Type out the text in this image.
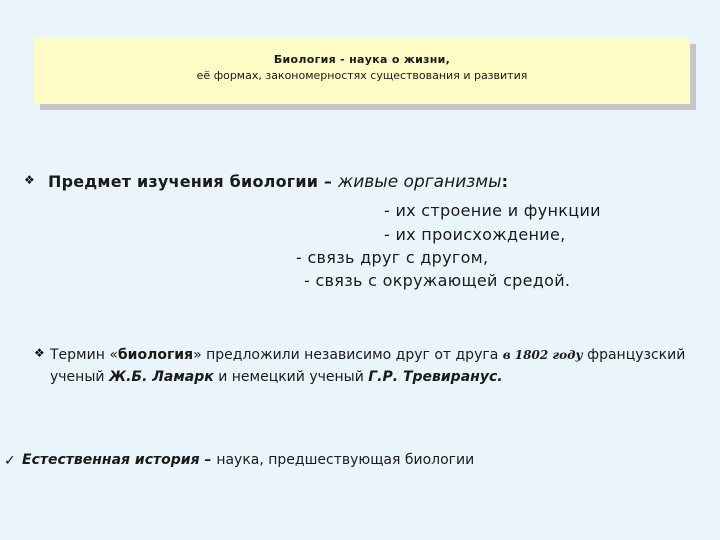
Биология - наука о жизни,
её формах, закономерностях существования и развития
❖ Предмет изучения биологии – живые организмы:
- их строение и функции
- их происхождение,
- связь друг с другом,
- связь с окружающей средой.
❖ Термин «биология» предложили независимо друг от друга в 1802 году французский ученый Ж.Б. Ламарк и немецкий ученый Г.Р. Тревиранус.
✓ Естественная история – наука, предшествующая биологии
